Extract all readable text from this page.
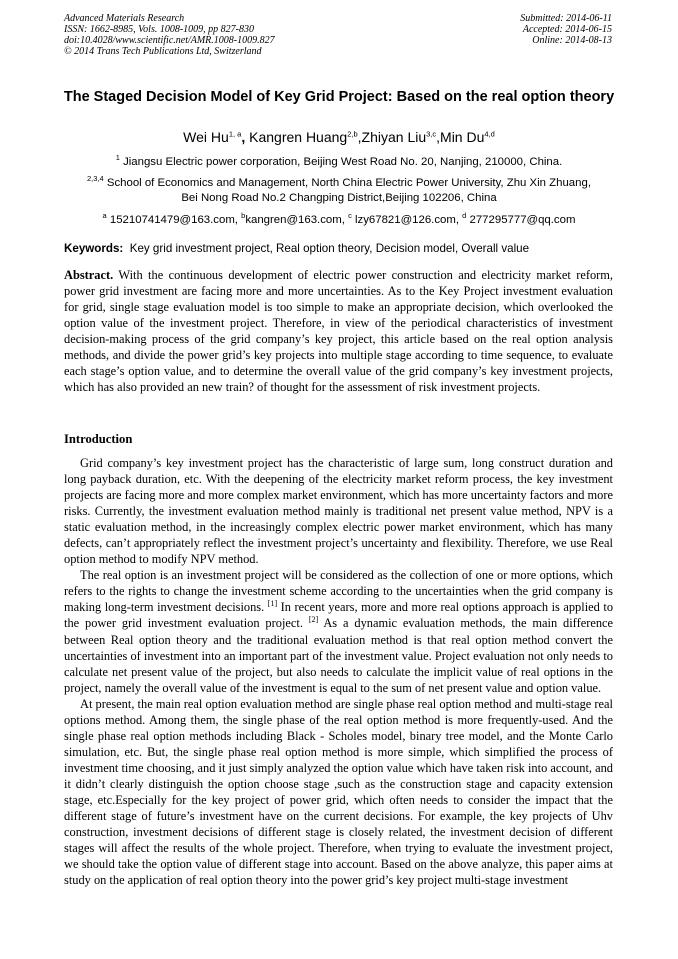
Advanced Materials Research
ISSN: 1662-8985, Vols. 1008-1009, pp 827-830
doi:10.4028/www.scientific.net/AMR.1008-1009.827
© 2014 Trans Tech Publications Ltd, Switzerland
Submitted: 2014-06-11
Accepted: 2014-06-15
Online: 2014-08-13
The Staged Decision Model of Key Grid Project: Based on the real option theory
Wei Hu$^{1, a}$, Kangren Huang$^{2,b}$,Zhiyan Liu$^{3,c}$,Min Du$^{4,d}$
$^1$ Jiangsu Electric power corporation, Beijing West Road No. 20, Nanjing, 210000, China.
$^{2,3,4}$ School of Economics and Management, North China Electric Power University, Zhu Xin Zhuang,
Bei Nong Road No.2 Changping District,Beijing 102206, China
$^a$ 15210741479@163.com, $^b$kangren@163.com, $^c$ lzy67821@126.com, $^d$ 277295777@qq.com
Keywords: Key grid investment project, Real option theory, Decision model, Overall value
Abstract. With the continuous development of electric power construction and electricity market reform, power grid investment are facing more and more uncertainties. As to the Key Project investment evaluation for grid, single stage evaluation model is too simple to make an appropriate decision, which overlooked the option value of the investment project. Therefore, in view of the periodical characteristics of investment decision-making process of the grid company’s key project, this article based on the real option analysis methods, and divide the power grid’s key projects into multiple stage according to time sequence, to evaluate each stage’s option value, and to determine the overall value of the grid company’s key investment projects, which has also provided an new train? of thought for the assessment of risk investment projects.
Introduction

Grid company’s key investment project has the characteristic of large sum, long construct duration and long payback duration, etc. With the deepening of the electricity market reform process, the key investment projects are facing more and more complex market environment, which has more uncertainty factors and more risks. Currently, the investment evaluation method mainly is traditional net present value method, NPV is a static evaluation method, in the increasingly complex electric power market environment, which has many defects, can’t appropriately reflect the investment project’s uncertainty and flexibility. Therefore, we use Real option method to modify NPV method.

The real option is an investment project will be considered as the collection of one or more options, which refers to the rights to change the investment scheme according to the uncertainties when the grid company is making long-term investment decisions. [1] In recent years, more and more real options approach is applied to the power grid investment evaluation project. [2] As a dynamic evaluation methods, the main difference between Real option theory and the traditional evaluation method is that real option method convert the uncertainties of investment into an important part of the investment value. Project evaluation not only needs to calculate net present value of the project, but also needs to calculate the implicit value of real options in the project, namely the overall value of the investment is equal to the sum of net present value and option value.

At present, the main real option evaluation method are single phase real option method and multi-stage real options method. Among them, the single phase of the real option method is more frequently-used. And the single phase real option methods including Black - Scholes model, binary tree model, and the Monte Carlo simulation, etc. But, the single phase real option method is more simple, which simplified the process of investment time choosing, and it just simply analyzed the option value which have taken risk into account, and it didn’t clearly distinguish the option choose stage ,such as the construction stage and capacity extension stage, etc.Especially for the key project of power grid, which often needs to consider the impact that the different stage of future’s investment have on the current decisions. For example, the key projects of Uhv construction, investment decisions of different stage is closely related, the investment decision of different stages will affect the results of the whole project. Therefore, when trying to evaluate the investment project, we should take the option value of different stage into account. Based on the above analyze, this paper aims at study on the application of real option theory into the power grid’s key project multi-stage investment
